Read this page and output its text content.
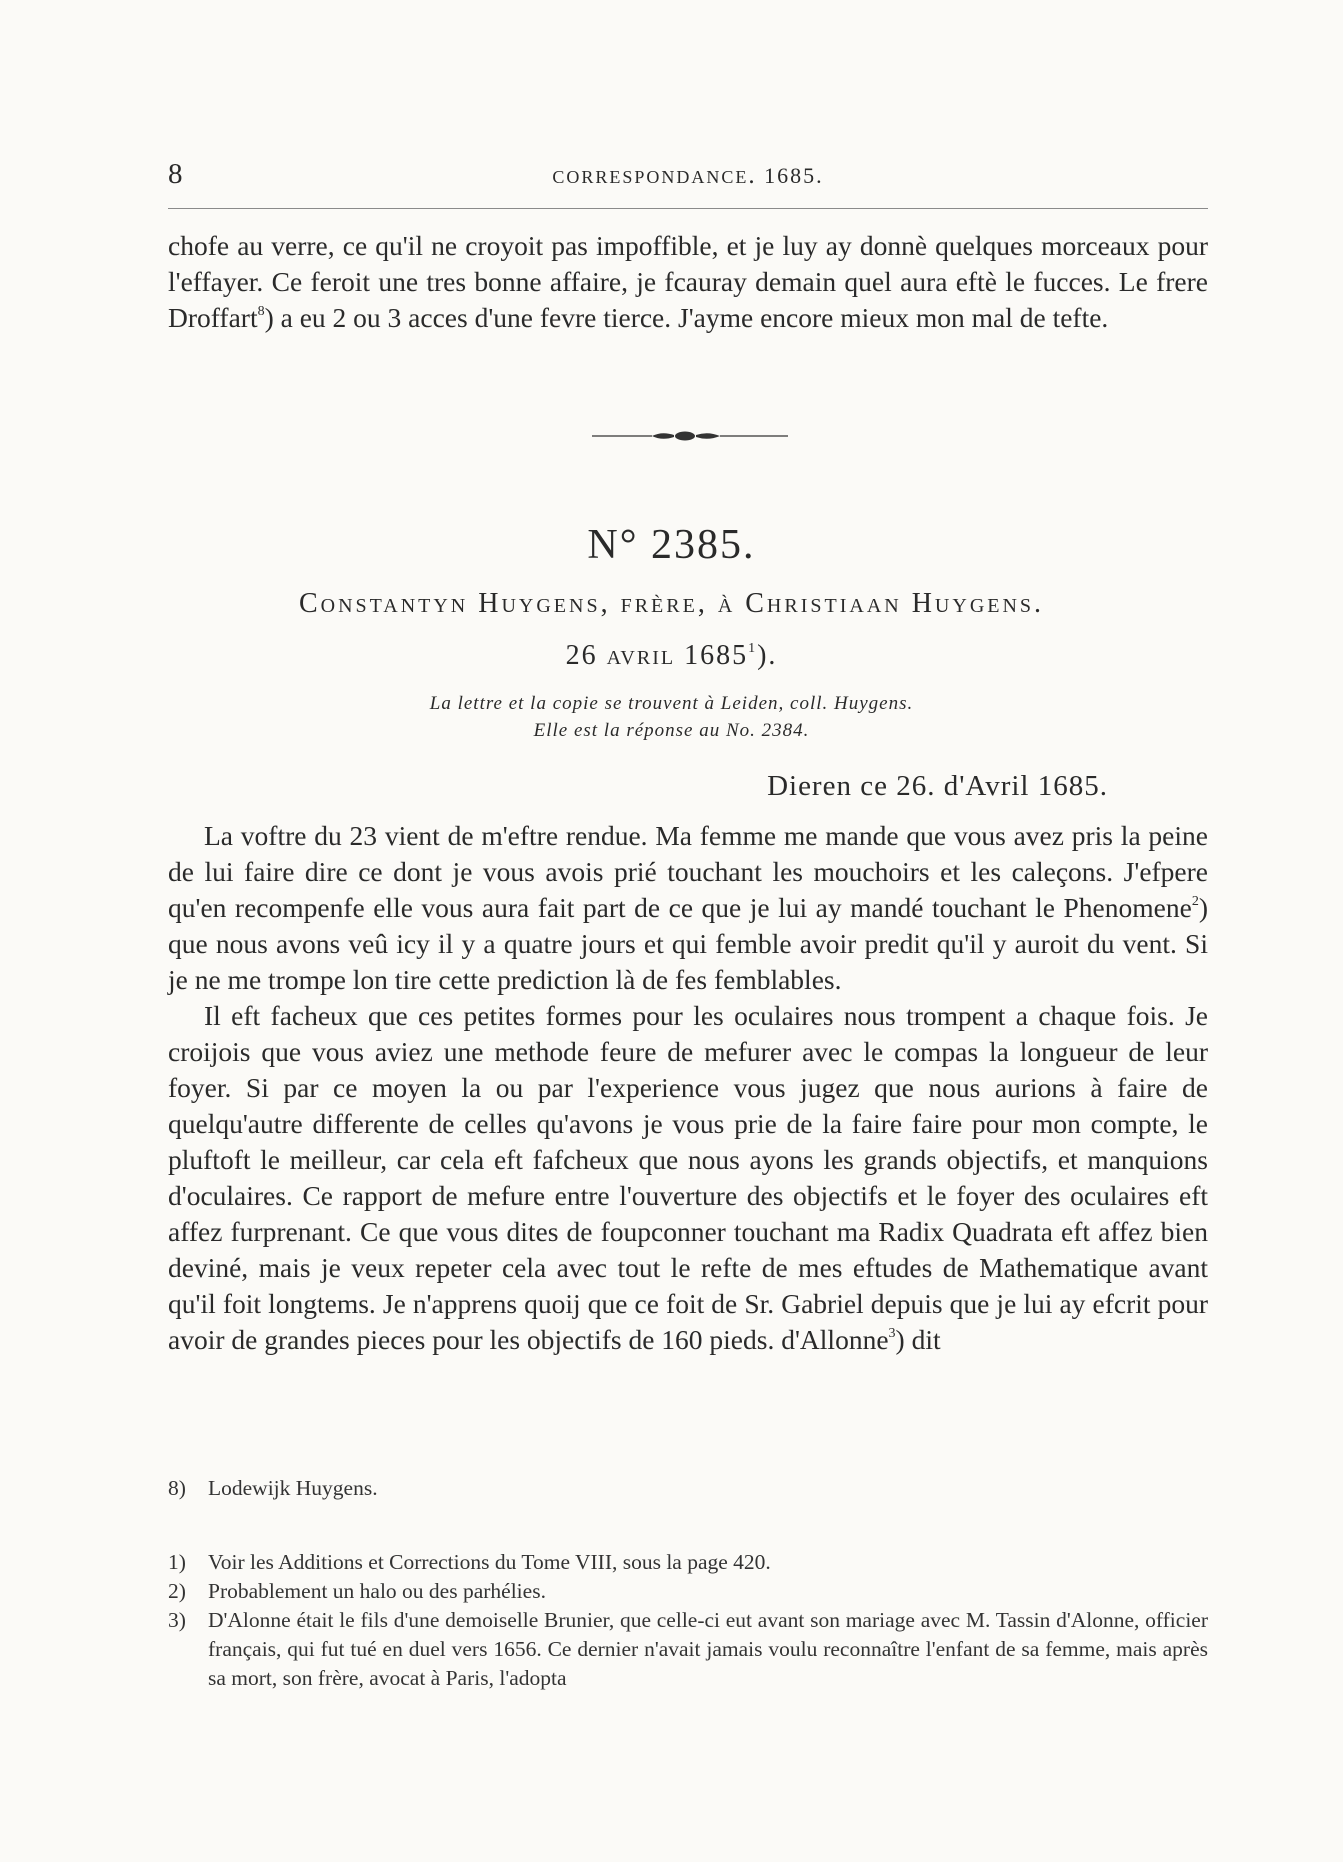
8	correspondance. 1685.

chofe au verre, ce qu'il ne croyoit pas impoffible, et je luy ay donnè quelques morceaux pour l'effayer. Ce feroit une tres bonne affaire, je fcauray demain quel aura eftè le fucces. Le frere Droffart$^8$) a eu 2 ou 3 acces d'une fevre tierce. J'ayme encore mieux mon mal de tefte.

N° 2385.
Constantyn Huygens, frère, à Christiaan Huygens.
26 avril 1685$^1$).
La lettre et la copie se trouvent à Leiden, coll. Huygens.
Elle est la réponse au No. 2384.
Dieren ce 26. d'Avril 1685.

La voftre du 23 vient de m'eftre rendue. Ma femme me mande que vous avez pris la peine de lui faire dire ce dont je vous avois prié touchant les mouchoirs et les caleçons. J'efpere qu'en recompenfe elle vous aura fait part de ce que je lui ay mandé touchant le Phenomene$^2$) que nous avons veû icy il y a quatre jours et qui femble avoir predit qu'il y auroit du vent. Si je ne me trompe lon tire cette prediction là de fes femblables.

Il eft facheux que ces petites formes pour les oculaires nous trompent a chaque fois. Je croijois que vous aviez une methode feure de mefurer avec le compas la longueur de leur foyer. Si par ce moyen la ou par l'experience vous jugez que nous aurions à faire de quelqu'autre differente de celles qu'avons je vous prie de la faire faire pour mon compte, le pluftoft le meilleur, car cela eft fafcheux que nous ayons les grands objectifs, et manquions d'oculaires. Ce rapport de mefure entre l'ouverture des objectifs et le foyer des oculaires eft affez furprenant. Ce que vous dites de foupconner touchant ma Radix Quadrata eft affez bien deviné, mais je veux repeter cela avec tout le refte de mes eftudes de Mathematique avant qu'il foit longtems. Je n'apprens quoij que ce foit de Sr. Gabriel depuis que je lui ay efcrit pour avoir de grandes pieces pour les objectifs de 160 pieds. d'Allonne$^3$) dit

8)	Lodewijk Huygens.
1)	Voir les Additions et Corrections du Tome VIII, sous la page 420.
2)	Probablement un halo ou des parhélies.
3)	D'Alonne était le fils d'une demoiselle Brunier, que celle-ci eut avant son mariage avec M. Tassin d'Alonne, officier français, qui fut tué en duel vers 1656. Ce dernier n'avait jamais voulu reconnaître l'enfant de sa femme, mais après sa mort, son frère, avocat à Paris, l'adopta
